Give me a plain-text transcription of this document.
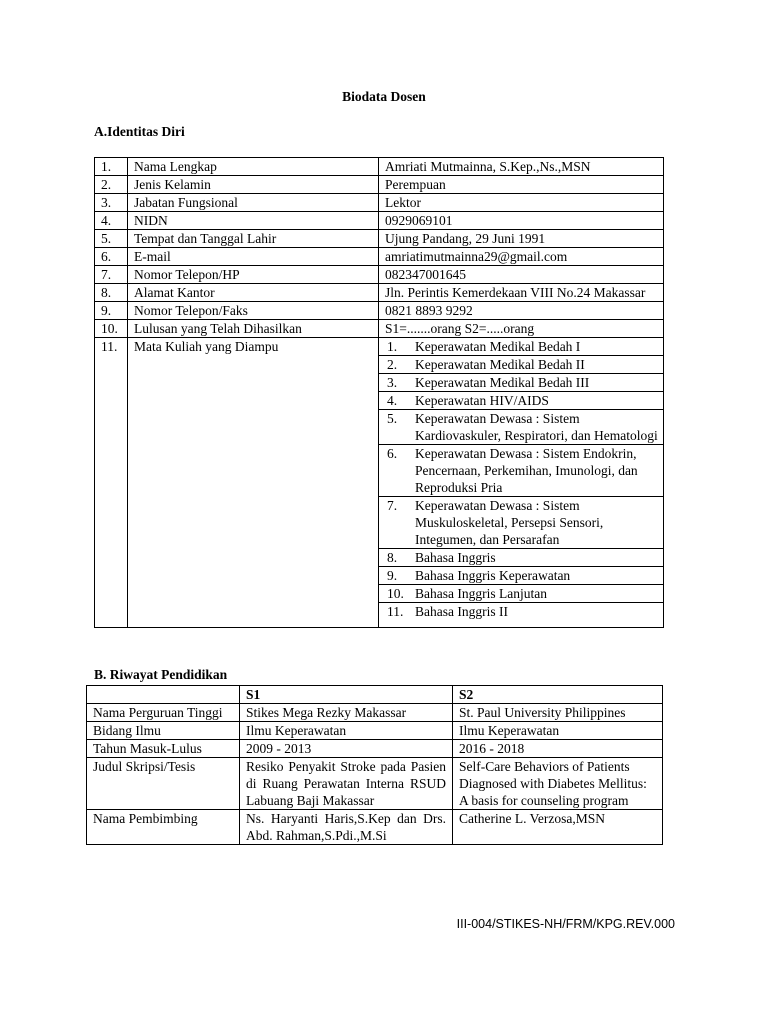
Biodata Dosen
A.Identitas Diri
1.	Nama Lengkap	Amriati Mutmainna, S.Kep.,Ns.,MSN
2.	Jenis Kelamin	Perempuan
3.	Jabatan Fungsional	Lektor
4.	NIDN	0929069101
5.	Tempat dan Tanggal Lahir	Ujung Pandang, 29 Juni 1991
6.	E-mail	amriatimutmainna29@gmail.com
7.	Nomor Telepon/HP	082347001645
8.	Alamat Kantor	Jln. Perintis Kemerdekaan VIII No.24 Makassar
9.	Nomor Telepon/Faks	0821 8893 9292
10.	Lulusan yang Telah Dihasilkan	S1=.......orang S2=.....orang
11.	Mata Kuliah yang Diampu		1.	Keperawatan Medikal Bedah I
2.	Keperawatan Medikal Bedah II
3.	Keperawatan Medikal Bedah III
4.	Keperawatan HIV/AIDS
5.	Keperawatan Dewasa : Sistem Kardiovaskuler, Respiratori, dan Hematologi
6.	Keperawatan Dewasa : Sistem Endokrin, Pencernaan, Perkemihan, Imunologi, dan Reproduksi Pria
7.	Keperawatan Dewasa : Sistem Muskuloskeletal, Persepsi Sensori, Integumen, dan Persarafan
8.	Bahasa Inggris
9.	Bahasa Inggris Keperawatan
10.	Bahasa Inggris Lanjutan
11.	Bahasa Inggris II
B. Riwayat Pendidikan
	S1	S2
Nama Perguruan Tinggi	Stikes Mega Rezky Makassar	St. Paul University Philippines
Bidang Ilmu	Ilmu Keperawatan	Ilmu Keperawatan
Tahun Masuk-Lulus	2009 - 2013	2016 - 2018
Judul Skripsi/Tesis	Resiko Penyakit Stroke pada Pasien di Ruang Perawatan Interna RSUD Labuang Baji Makassar	Self-Care Behaviors of Patients Diagnosed with Diabetes Mellitus: A basis for counseling program
Nama Pembimbing	Ns. Haryanti Haris,S.Kep dan Drs. Abd. Rahman,S.Pdi.,M.Si	Catherine L. Verzosa,MSN
III-004/STIKES-NH/FRM/KPG.REV.000
